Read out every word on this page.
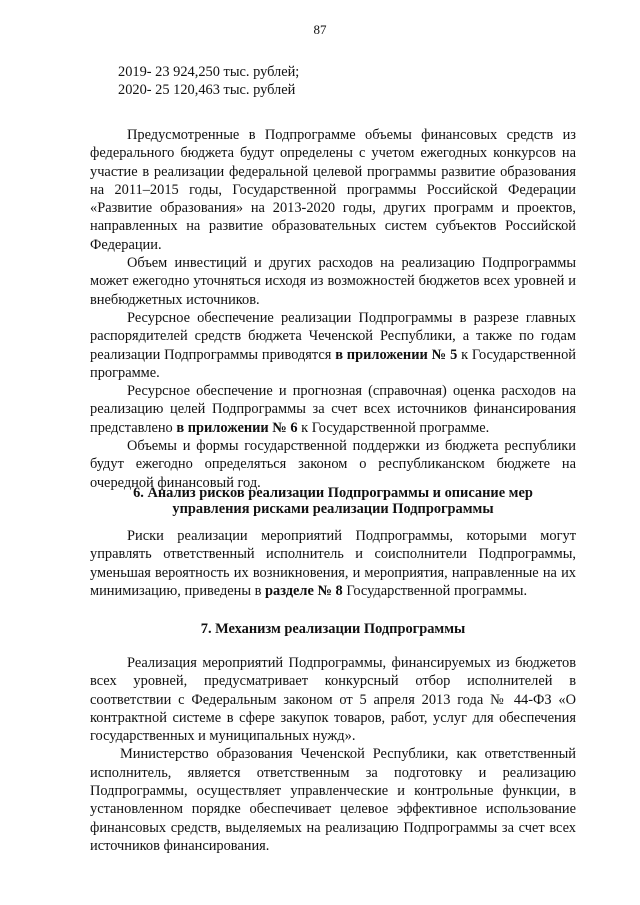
87

2019- 23 924,250 тыс. рублей;

2020- 25 120,463 тыс. рублей

Предусмотренные в Подпрограмме объемы финансовых средств из федерального бюджета будут определены с учетом ежегодных конкурсов на участие в реализации федеральной целевой программы развитие образования на 2011–2015 годы, Государственной программы Российской Федерации «Развитие образования» на 2013-2020 годы, других программ и проектов, направленных на развитие образовательных систем субъектов Российской Федерации.

Объем инвестиций и других расходов на реализацию Подпрограммы может ежегодно уточняться исходя из возможностей бюджетов всех уровней и внебюджетных источников.

Ресурсное обеспечение реализации Подпрограммы в разрезе главных распорядителей средств бюджета Чеченской Республики, а также по годам реализации Подпрограммы приводятся в приложении № 5 к Государственной программе.

Ресурсное обеспечение и прогнозная (справочная) оценка расходов на реализацию целей Подпрограммы за счет всех источников финансирования представлено в приложении № 6 к Государственной программе.

Объемы и формы государственной поддержки из бюджета республики будут ежегодно определяться законом о республиканском бюджете на очередной финансовый год.

6. Анализ рисков реализации Подпрограммы и описание мер
управления рисками реализации Подпрограммы

Риски реализации мероприятий Подпрограммы, которыми могут управлять ответственный исполнитель и соисполнители Подпрограммы, уменьшая вероятность их возникновения, и мероприятия, направленные на их минимизацию, приведены в разделе № 8 Государственной программы.

7. Механизм реализации Подпрограммы

Реализация мероприятий Подпрограммы, финансируемых из бюджетов всех уровней, предусматривает конкурсный отбор исполнителей в соответствии с Федеральным законом от 5 апреля 2013 года № 44-ФЗ «О контрактной системе в сфере закупок товаров, работ, услуг для обеспечения государственных и муниципальных нужд».

Министерство образования Чеченской Республики, как ответственный исполнитель, является ответственным за подготовку и реализацию Подпрограммы, осуществляет управленческие и контрольные функции, в установленном порядке обеспечивает целевое эффективное использование финансовых средств, выделяемых на реализацию Подпрограммы за счет всех источников финансирования.
